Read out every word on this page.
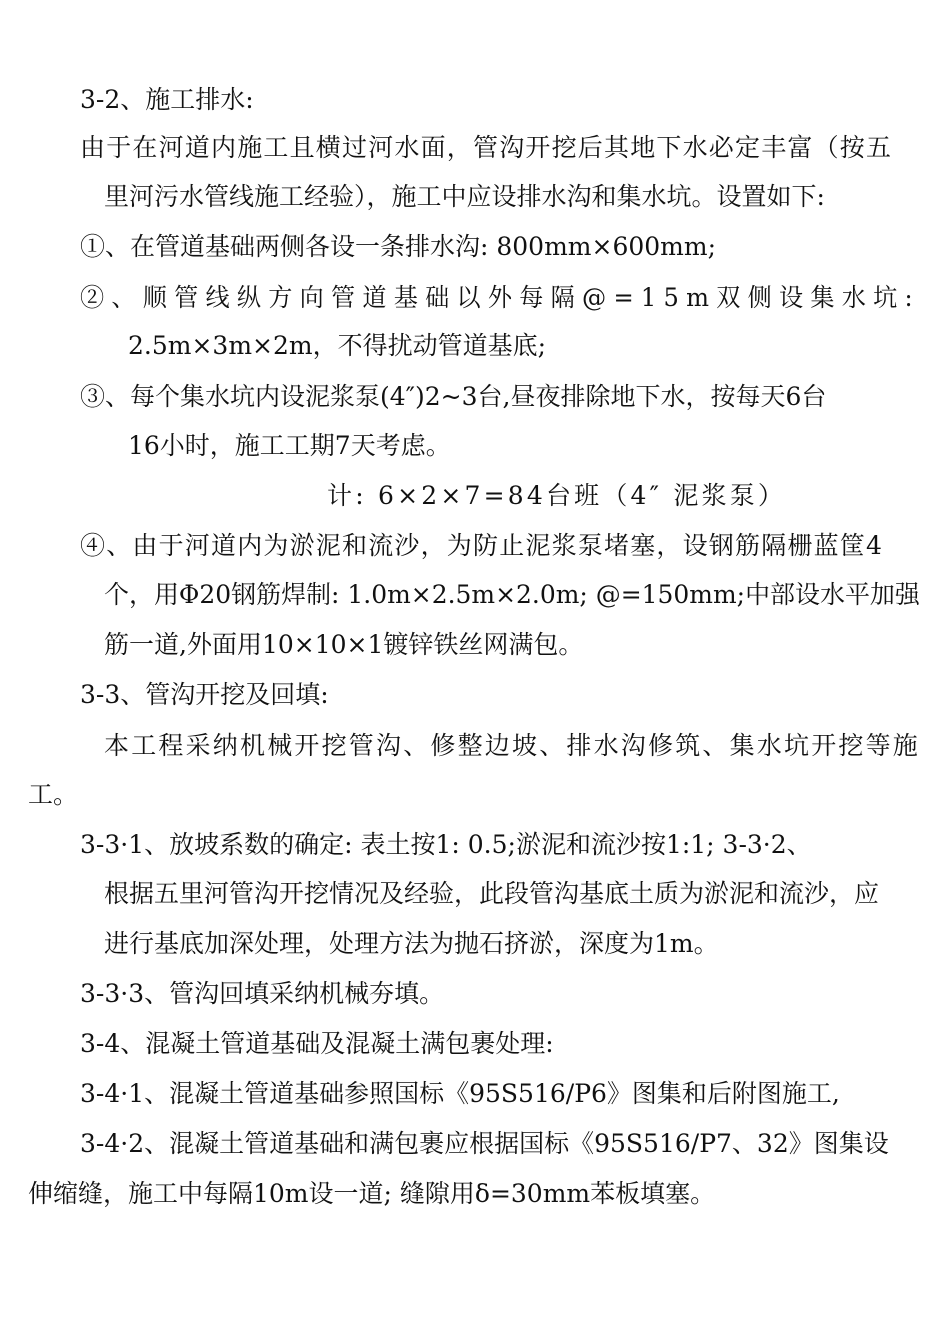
3-2、施工排水:
由于在河道内施工且横过河水面，管沟开挖后其地下水必定丰富（按五
里河污水管线施工经验），施工中应设排水沟和集水坑。设置如下:
①、在管道基础两侧各设一条排水沟: 800mm×600mm;
②、顺管线纵方向管道基础以外每隔@=15m双侧设集水坑:
2.5m×3m×2m，不得扰动管道基底;
③、每个集水坑内设泥浆泵(4″)2~3台,昼夜排除地下水，按每天6台
16小时，施工工期7天考虑。
计: 6×2×7=84台班（4″ 泥浆泵）
④、由于河道内为淤泥和流沙，为防止泥浆泵堵塞，设钢筋隔栅蓝筐4
个，用Φ20钢筋焊制: 1.0m×2.5m×2.0m; @=150mm;中部设水平加强
筋一道,外面用10×10×1镀锌铁丝网满包。
3-3、管沟开挖及回填:
本工程采纳机械开挖管沟、修整边坡、排水沟修筑、集水坑开挖等施
工。
3-3·1、放坡系数的确定: 表土按1: 0.5;淤泥和流沙按1:1; 3-3·2、
根据五里河管沟开挖情况及经验，此段管沟基底土质为淤泥和流沙，应
进行基底加深处理，处理方法为抛石挤淤，深度为1m。
3-3·3、管沟回填采纳机械夯填。
3-4、混凝土管道基础及混凝土满包裹处理:
3-4·1、混凝土管道基础参照国标《95S516/P6》图集和后附图施工,
3-4·2、混凝土管道基础和满包裹应根据国标《95S516/P7、32》图集设
伸缩缝，施工中每隔10m设一道; 缝隙用δ=30mm苯板填塞。
